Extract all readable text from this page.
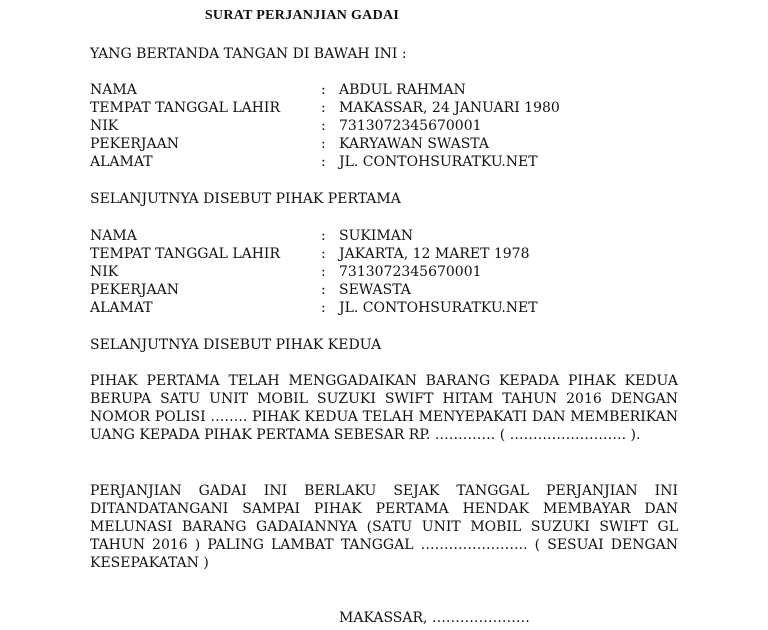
SURAT PERJANJIAN GADAI
YANG BERTANDA TANGAN DI BAWAH INI :
NAMA	: ABDUL RAHMAN
TEMPAT TANGGAL LAHIR	: MAKASSAR, 24 JANUARI 1980
NIK	: 7313072345670001
PEKERJAAN	: KARYAWAN SWASTA
ALAMAT	: JL. CONTOHSURATKU.NET
SELANJUTNYA DISEBUT PIHAK PERTAMA
NAMA	: SUKIMAN
TEMPAT TANGGAL LAHIR	: JAKARTA, 12 MARET 1978
NIK	: 7313072345670001
PEKERJAAN	: SEWASTA
ALAMAT	: JL. CONTOHSURATKU.NET
SELANJUTNYA DISEBUT PIHAK KEDUA
PIHAK PERTAMA TELAH MENGGADAIKAN BARANG KEPADA PIHAK KEDUA BERUPA SATU UNIT MOBIL SUZUKI SWIFT HITAM TAHUN 2016 DENGAN NOMOR POLISI …….. PIHAK KEDUA TELAH MENYEPAKATI DAN MEMBERIKAN UANG KEPADA PIHAK PERTAMA SEBESAR RP. …………. ( ……………………. ).
PERJANJIAN GADAI INI BERLAKU SEJAK TANGGAL PERJANJIAN INI DITANDATANGANI SAMPAI PIHAK PERTAMA HENDAK MEMBAYAR DAN MELUNASI BARANG GADAIANNYA (SATU UNIT MOBIL SUZUKI SWIFT GL TAHUN 2016 ) PALING LAMBAT TANGGAL ………………….. ( SESUAI DENGAN KESEPAKATAN )
MAKASSAR, …………………
